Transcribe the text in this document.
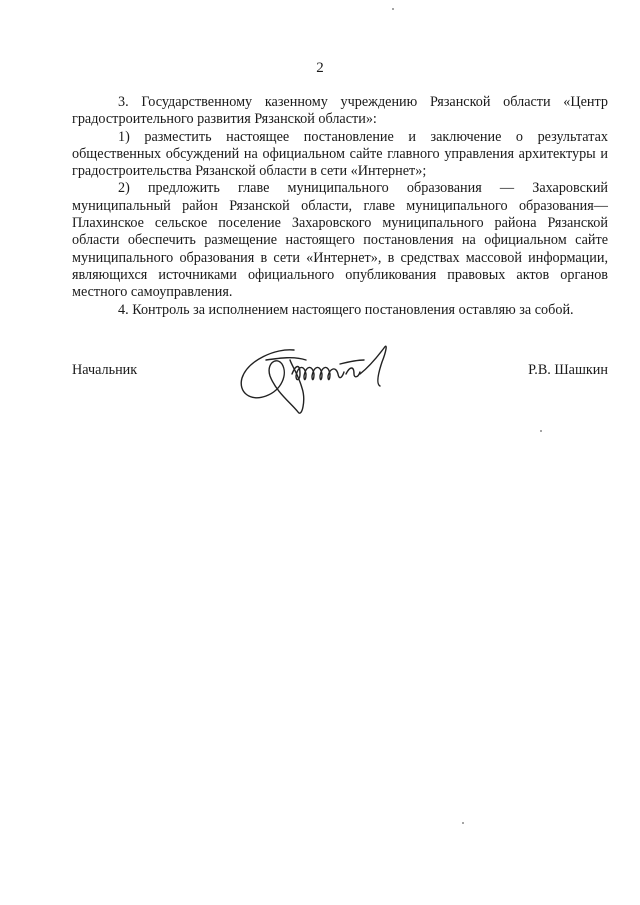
2

3. Государственному казенному учреждению Рязанской области «Центр градостроительного развития Рязанской области»:

1) разместить настоящее постановление и заключение о результатах общественных обсуждений на официальном сайте главного управления архитектуры и градостроительства Рязанской области в сети «Интернет»;

2) предложить главе муниципального образования — Захаровский муниципальный район Рязанской области, главе муниципального образования— Плахинское сельское поселение Захаровского муниципального района Рязанской области обеспечить размещение настоящего постановления на официальном сайте муниципального образования в сети «Интернет», в средствах массовой информации, являющихся источниками официального опубликования правовых актов органов местного самоуправления.

4. Контроль за исполнением настоящего постановления оставляю за собой.

Начальник	Р.В. Шашкин
